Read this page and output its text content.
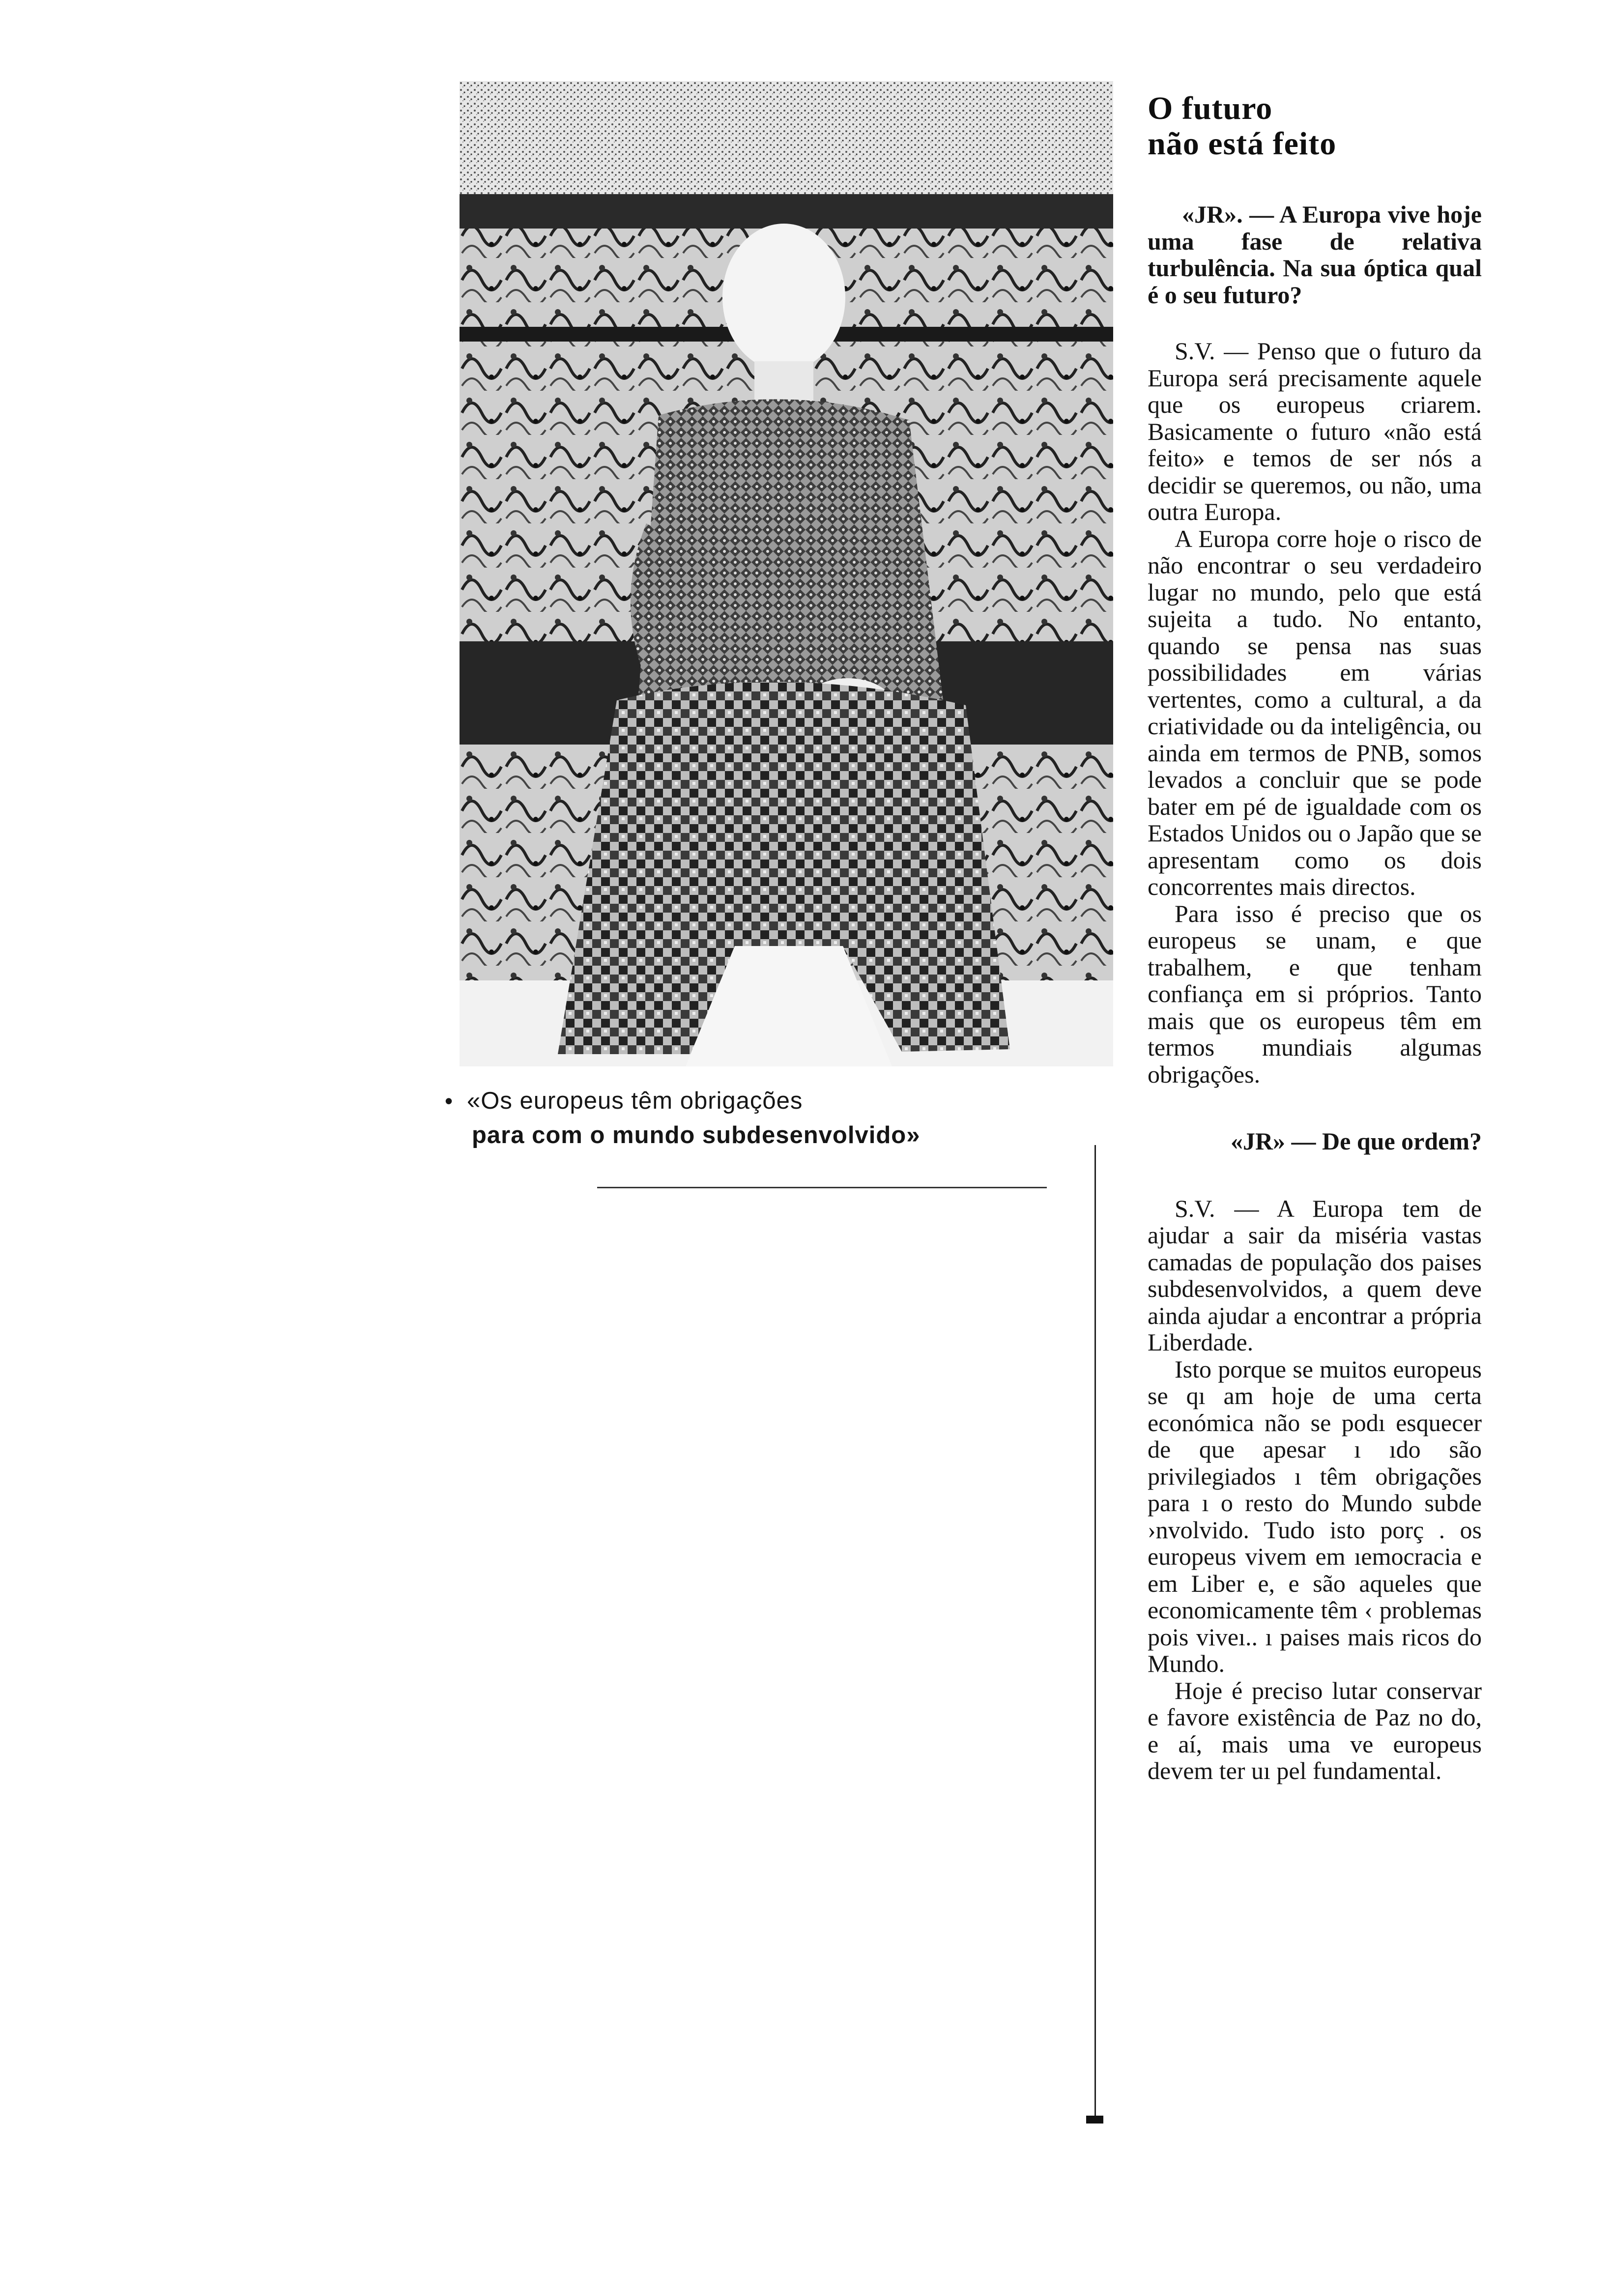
• «Os europeus têm obrigações
para com o mundo subdesenvolvido»
O futuro
não está feito

«JR». — A Europa vive hoje uma fase de relativa turbulência. Na sua óptica qual é o seu futuro?

S.V. — Penso que o futuro da Europa será precisamente aquele que os europeus criarem. Basicamente o futuro «não está feito» e temos de ser nós a decidir se queremos, ou não, uma outra Europa.

A Europa corre hoje o risco de não encontrar o seu verdadeiro lugar no mundo, pelo que está sujeita a tudo. No entanto, quando se pensa nas suas possibilidades em várias vertentes, como a cultural, a da criatividade ou da inteligência, ou ainda em termos de PNB, somos levados a concluir que se pode bater em pé de igualdade com os Estados Unidos ou o Japão que se apresentam como os dois concorrentes mais directos.

Para isso é preciso que os europeus se unam, e que trabalhem, e que tenham confiança em si próprios. Tanto mais que os europeus têm em termos mundiais algumas obrigações.

«JR» — De que ordem?

S.V. — A Europa tem de ajudar a sair da miséria vastas camadas de população dos paises subdesenvolvidos, a quem deve ainda ajudar a encontrar a própria Liberdade.

Isto porque se muitos europeus se qı am hoje de uma certa económica não se podı esquecer de que apesar ı ıdo são privilegiados ı têm obrigações para ı o resto do Mundo subde ›nvolvido. Tudo isto porç . os europeus vivem em ıemocracia e em Liber e, e são aqueles que economicamente têm ‹ problemas pois viveı.. ı paises mais ricos do Mundo.

Hoje é preciso lutar conservar e favore existência de Paz no do, e aí, mais uma ve europeus devem ter uı pel fundamental.
